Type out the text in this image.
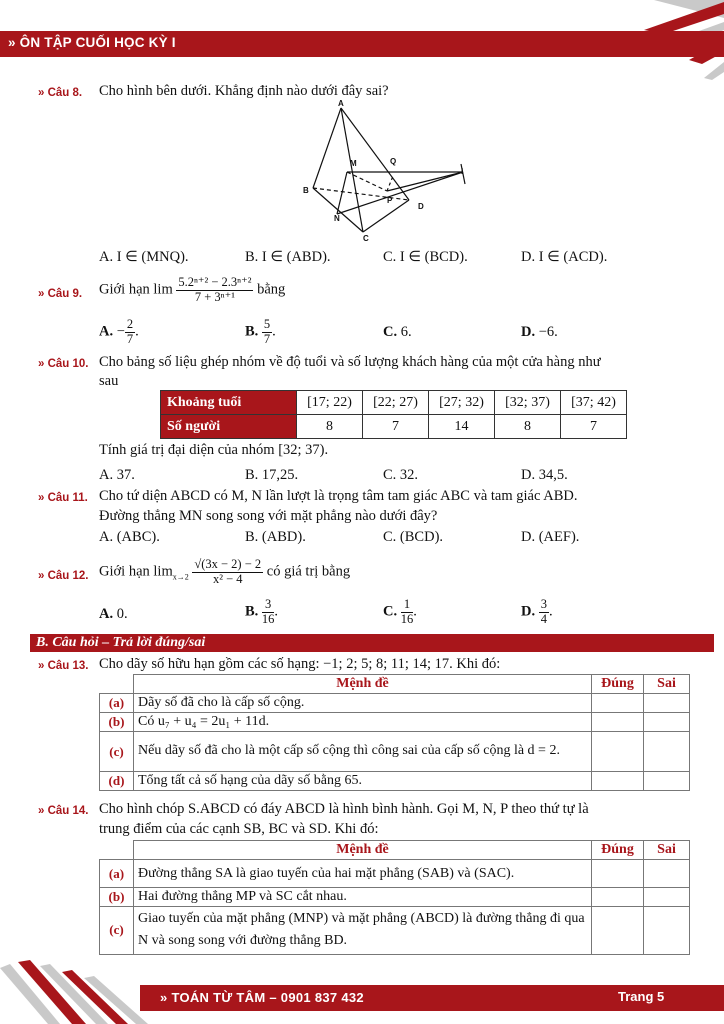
» ÔN TẬP CUỐI HỌC KỲ I
» Câu 8. Cho hình bên dưới. Khẳng định nào dưới đây sai?
A
M	Q
B
I
P
D
N
C
A. I ∈ (MNQ).	B. I ∈ (ABD).	C. I ∈ (BCD).	D. I ∈ (ACD).
» Câu 9. Giới hạn $\lim \frac{\text{5.2ⁿ⁺² − 2.3ⁿ⁺²}}{\text{7 + 3ⁿ⁺¹}}$ bằng
A. − $\frac{2}{7}$ .	B. $\frac{5}{7}$ .	C. 6.	D. −6.
» Câu 10. Cho bảng số liệu ghép nhóm về độ tuổi và số lượng khách hàng của một cửa hàng như
sau
Khoảng tuổi	[17; 22)	[22; 27)	[27; 32)	[32; 37)	[37; 42)
Số người	8	7	14	8	7
Tính giá trị đại diện của nhóm [32; 37).
A. 37.	B. 17,25.	C. 32.	D. 34,5.
» Câu 11. Cho tứ diện ABCD có M, N lần lượt là trọng tâm tam giác ABC và tam giác ABD.
Đường thẳng MN song song với mặt phẳng nào dưới đây?
A. (ABC).	B. (ABD).	C. (BCD).	D. (AEF).
» Câu 12. Giới hạn $\lim_{x\to 2} \frac{√(3x - 2) - 2}{\text{x² − 4}}$ có giá trị bằng
A. 0.	B. $\frac{3}{16}$ .	C. $\frac{1}{16}$ .	D. $\frac{3}{4}$ .
B. Câu hỏi – Trả lời đúng/sai
» Câu 13. Cho dãy số hữu hạn gồm các số hạng: −1; 2; 5; 8; 11; 14; 17. Khi đó:
	Mệnh đề	Đúng	Sai
(a)	Dãy số đã cho là cấp số cộng.		
(b)	Có u₇ + u₄ = 2u₁ + 11d.		
(c)	Nếu dãy số đã cho là một cấp số cộng thì công sai của cấp số cộng là d = 2.		
(d)	Tổng tất cả số hạng của dãy số bằng 65.		
» Câu 14. Cho hình chóp S.ABCD có đáy ABCD là hình bình hành. Gọi M, N, P theo thứ tự là
trung điểm của các cạnh SB, BC và SD. Khi đó:
	Mệnh đề	Đúng	Sai
(a)	Đường thẳng SA là giao tuyến của hai mặt phẳng (SAB) và (SAC).		
(b)	Hai đường thẳng MP và SC cắt nhau.		
(c)	Giao tuyến của mặt phẳng (MNP) và mặt phẳng (ABCD) là đường thẳng đi qua N và song song với đường thẳng BD.		
» TOÁN TỪ TÂM – 0901 837 432	Trang 5
